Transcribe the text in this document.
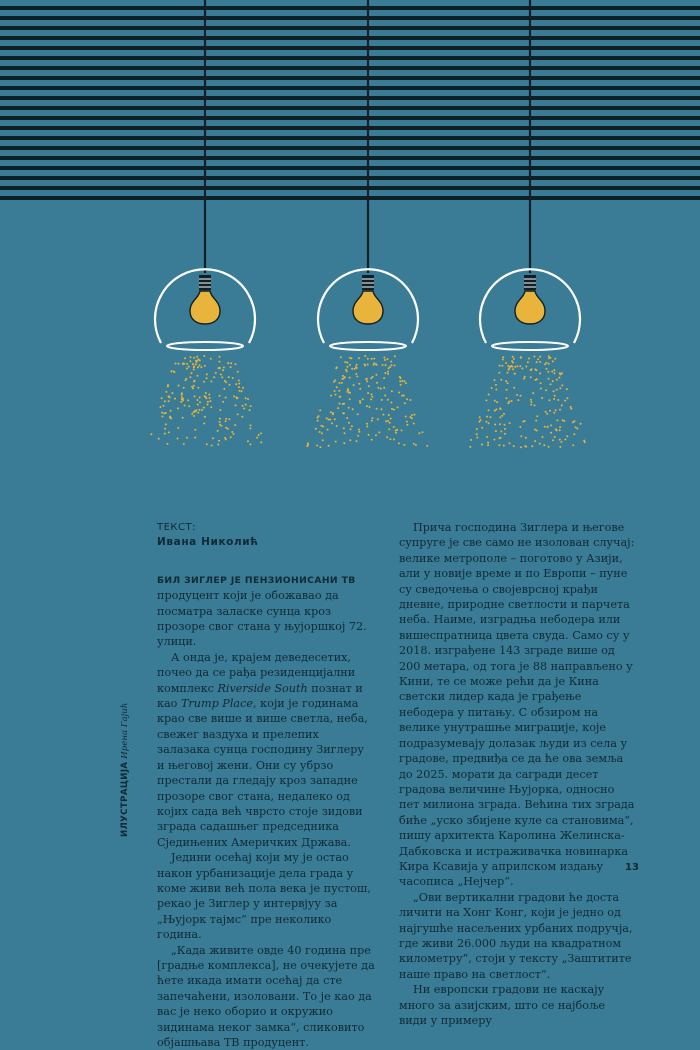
ТЕКСТ:
Ивана Николић

БИЛ ЗИГЛЕР ЈЕ ПЕНЗИОНИСАНИ ТВ продуцент који је обожавао да посматра заласке сунца кроз прозоре свог стана у њујоршкој 72. улици.

А онда је, крајем деведесетих, почео да се рађа резиденцијални комплекс Riverside South познат и као Trump Place, који је годинама крао све више и више светла, неба, свежег ваздуха и прелепих залазака сунца господину Зиглеру и његовој жени. Они су убрзо престали да гледају кроз западне прозоре свог стана, недалеко од којих сада већ чврсто стоје зидови зграда садашњег председника Сједињених Америчких Држава.

Једини осећај који му је остао након урбанизације дела града у коме живи већ пола века је пустош, рекао је Зиглер у интервјуу за „Њујорк тајмс“ пре неколико година.

„Када живите овде 40 година пре [градње комплекса], не очекујете да ћете икада имати осећај да сте запечаћени, изоловани. То је као да вас је неко оборио и окружио зидинама неког замка“, сликовито објашњава ТВ продуцент.

Прича господина Зиглера и његове супруге је све само не изолован случај: велике метрополе – поготово у Азији, али у новије време и по Европи – пуне су сведочења о својеврсној крађи дневне, природне светлости и парчета неба. Наиме, изградња небодера или вишеспратница цвета свуда. Само су у 2018. изграђене 143 зграде више од 200 метара, од тога је 88 направљено у Кини, те се може рећи да је Кина светски лидер када је грађење небодера у питању. С обзиром на велике унутрашње миграције, које подразумевају долазак људи из села у градове, предвиђа се да ће ова земља до 2025. морати да сагради десет градова величине Њујорка, односно пет милиона зграда. Већина тих зграда биће „уско збијене куле са становима“, пишу архитекта Каролина Желинска-Дабковска и истраживачка новинарка Кира Ксавија у априлском издању часописа „Нејчер“.

„Ови вертикални градови ће доста личити на Хонг Конг, који је једно од најгушће насељених урбаних подручја, где живи 26.000 људи на квадратном километру“, стоји у тексту „Заштитите наше право на светлост“.

Ни европски градови не каскају много за азијским, што се најбоље види у примеру

ИЛУСТРАЦИЈА Ирена Гајић
13
